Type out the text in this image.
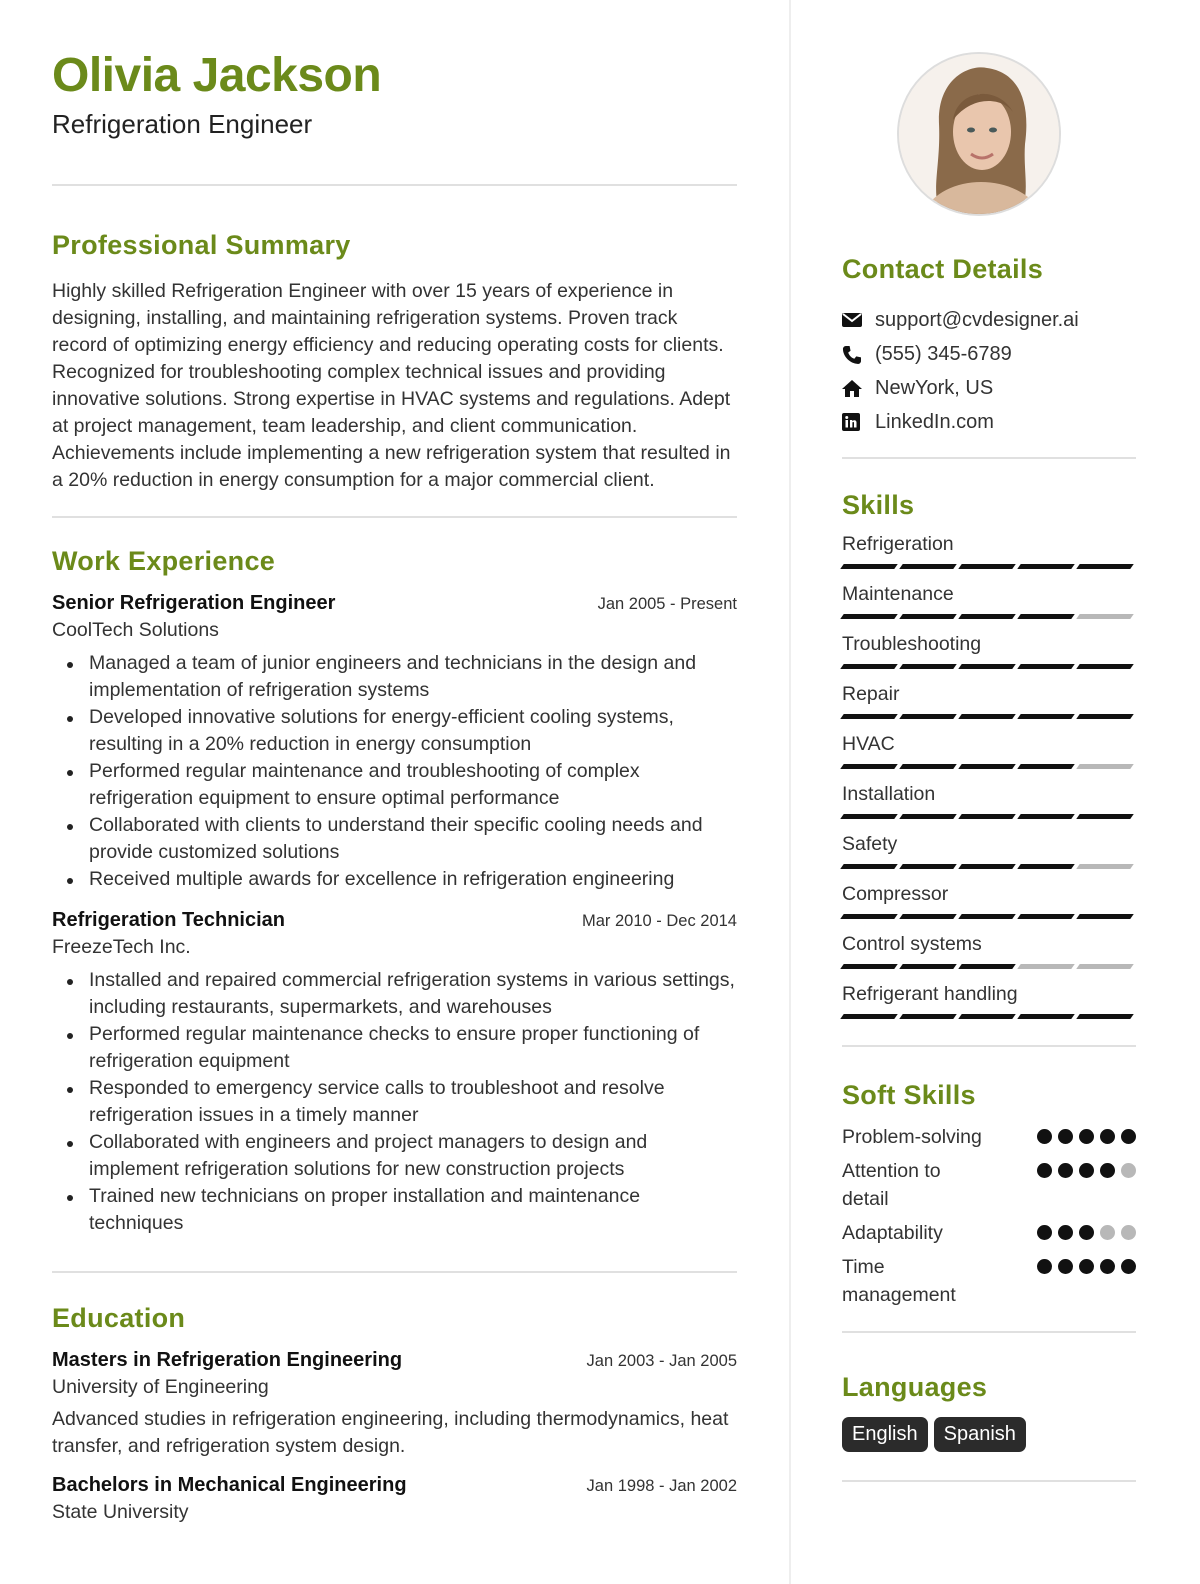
Olivia Jackson
Refrigeration Engineer
Professional Summary
Highly skilled Refrigeration Engineer with over 15 years of experience in designing, installing, and maintaining refrigeration systems. Proven track record of optimizing energy efficiency and reducing operating costs for clients. Recognized for troubleshooting complex technical issues and providing innovative solutions. Strong expertise in HVAC systems and regulations. Adept at project management, team leadership, and client communication. Achievements include implementing a new refrigeration system that resulted in a 20% reduction in energy consumption for a major commercial client.
Work Experience
Senior Refrigeration Engineer	Jan 2005 - Present
CoolTech Solutions
Managed a team of junior engineers and technicians in the design and implementation of refrigeration systems
Developed innovative solutions for energy-efficient cooling systems, resulting in a 20% reduction in energy consumption
Performed regular maintenance and troubleshooting of complex refrigeration equipment to ensure optimal performance
Collaborated with clients to understand their specific cooling needs and provide customized solutions
Received multiple awards for excellence in refrigeration engineering
Refrigeration Technician	Mar 2010 - Dec 2014
FreezeTech Inc.
Installed and repaired commercial refrigeration systems in various settings, including restaurants, supermarkets, and warehouses
Performed regular maintenance checks to ensure proper functioning of refrigeration equipment
Responded to emergency service calls to troubleshoot and resolve refrigeration issues in a timely manner
Collaborated with engineers and project managers to design and implement refrigeration solutions for new construction projects
Trained new technicians on proper installation and maintenance techniques
Education
Masters in Refrigeration Engineering	Jan 2003 - Jan 2005
University of Engineering
Advanced studies in refrigeration engineering, including thermodynamics, heat transfer, and refrigeration system design.
Bachelors in Mechanical Engineering	Jan 1998 - Jan 2002
State University
Contact Details
support@cvdesigner.ai
(555) 345-6789
NewYork, US
LinkedIn.com
Skills
Refrigeration
Maintenance
Troubleshooting
Repair
HVAC
Installation
Safety
Compressor
Control systems
Refrigerant handling
Soft Skills
Problem-solving
Attention to detail
Adaptability
Time management
Languages
English	Spanish
